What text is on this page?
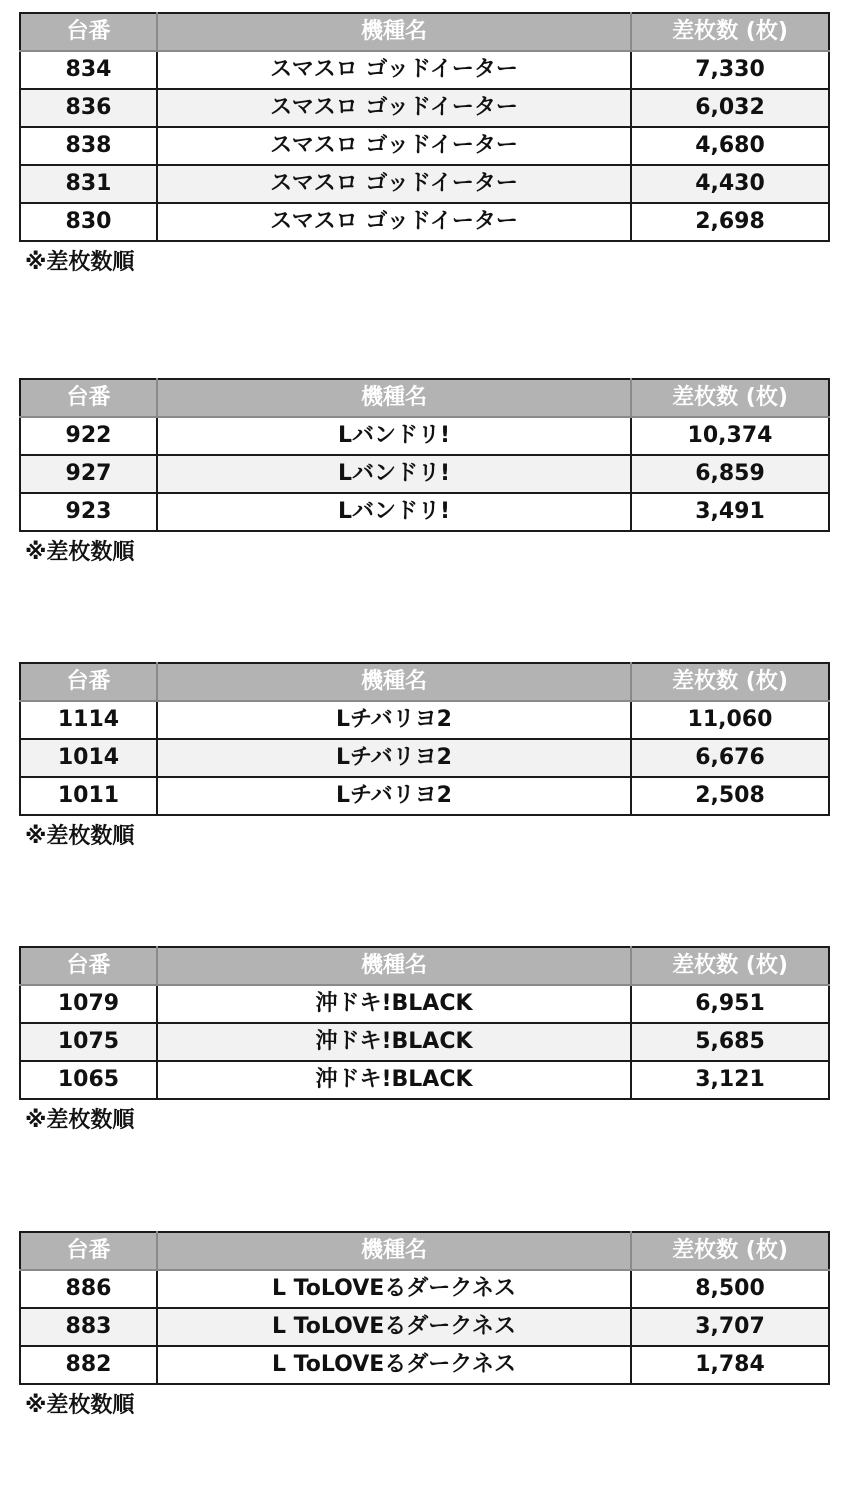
台番	機種名	差枚数 (枚)
834	スマスロ ゴッドイーター	7,330
836	スマスロ ゴッドイーター	6,032
838	スマスロ ゴッドイーター	4,680
831	スマスロ ゴッドイーター	4,430
830	スマスロ ゴッドイーター	2,698
※差枚数順
台番	機種名	差枚数 (枚)
922	Lバンドリ!	10,374
927	Lバンドリ!	6,859
923	Lバンドリ!	3,491
※差枚数順
台番	機種名	差枚数 (枚)
1114	Lチバリヨ2	11,060
1014	Lチバリヨ2	6,676
1011	Lチバリヨ2	2,508
※差枚数順
台番	機種名	差枚数 (枚)
1079	沖ドキ!BLACK	6,951
1075	沖ドキ!BLACK	5,685
1065	沖ドキ!BLACK	3,121
※差枚数順
台番	機種名	差枚数 (枚)
886	L ToLOVEるダークネス	8,500
883	L ToLOVEるダークネス	3,707
882	L ToLOVEるダークネス	1,784
※差枚数順
